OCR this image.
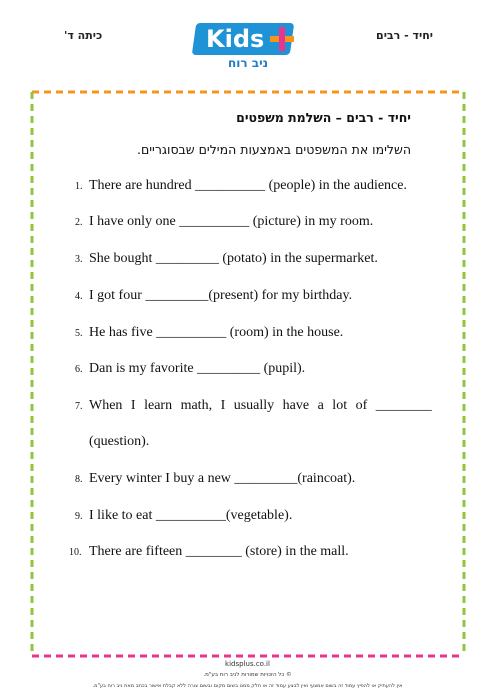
כיתה ד'	יחיד - רבים
Kids
ניב רוח
יחיד - רבים – השלמת משפטים
השלימו את המשפטים באמצעות המילים שבסוגריים.
1. There are hundred __________ (people) in the audience.
2. I have only one __________ (picture) in my room.
3. She bought _________ (potato) in the supermarket.
4. I got four _________(present) for my birthday.
5. He has five __________ (room) in the house.
6. Dan is my favorite _________ (pupil).
7. When I learn math, I usually have a lot of ________
(question).
8. Every winter I buy a new _________(raincoat).
9. I like to eat __________(vegetable).
10. There are fifteen ________ (store) in the mall.
kidsplus.co.il
© כל הזכויות שמורות לניב רוח בע"מ.
אין להעתיק או להפיץ עמוד זה בשום אמצעי ואין לבצע עמוד זה או חלק ממנו בשום מקום ובשום צורה ללא קבלת אישור בכתב מאת ניב רוח בע"מ.
